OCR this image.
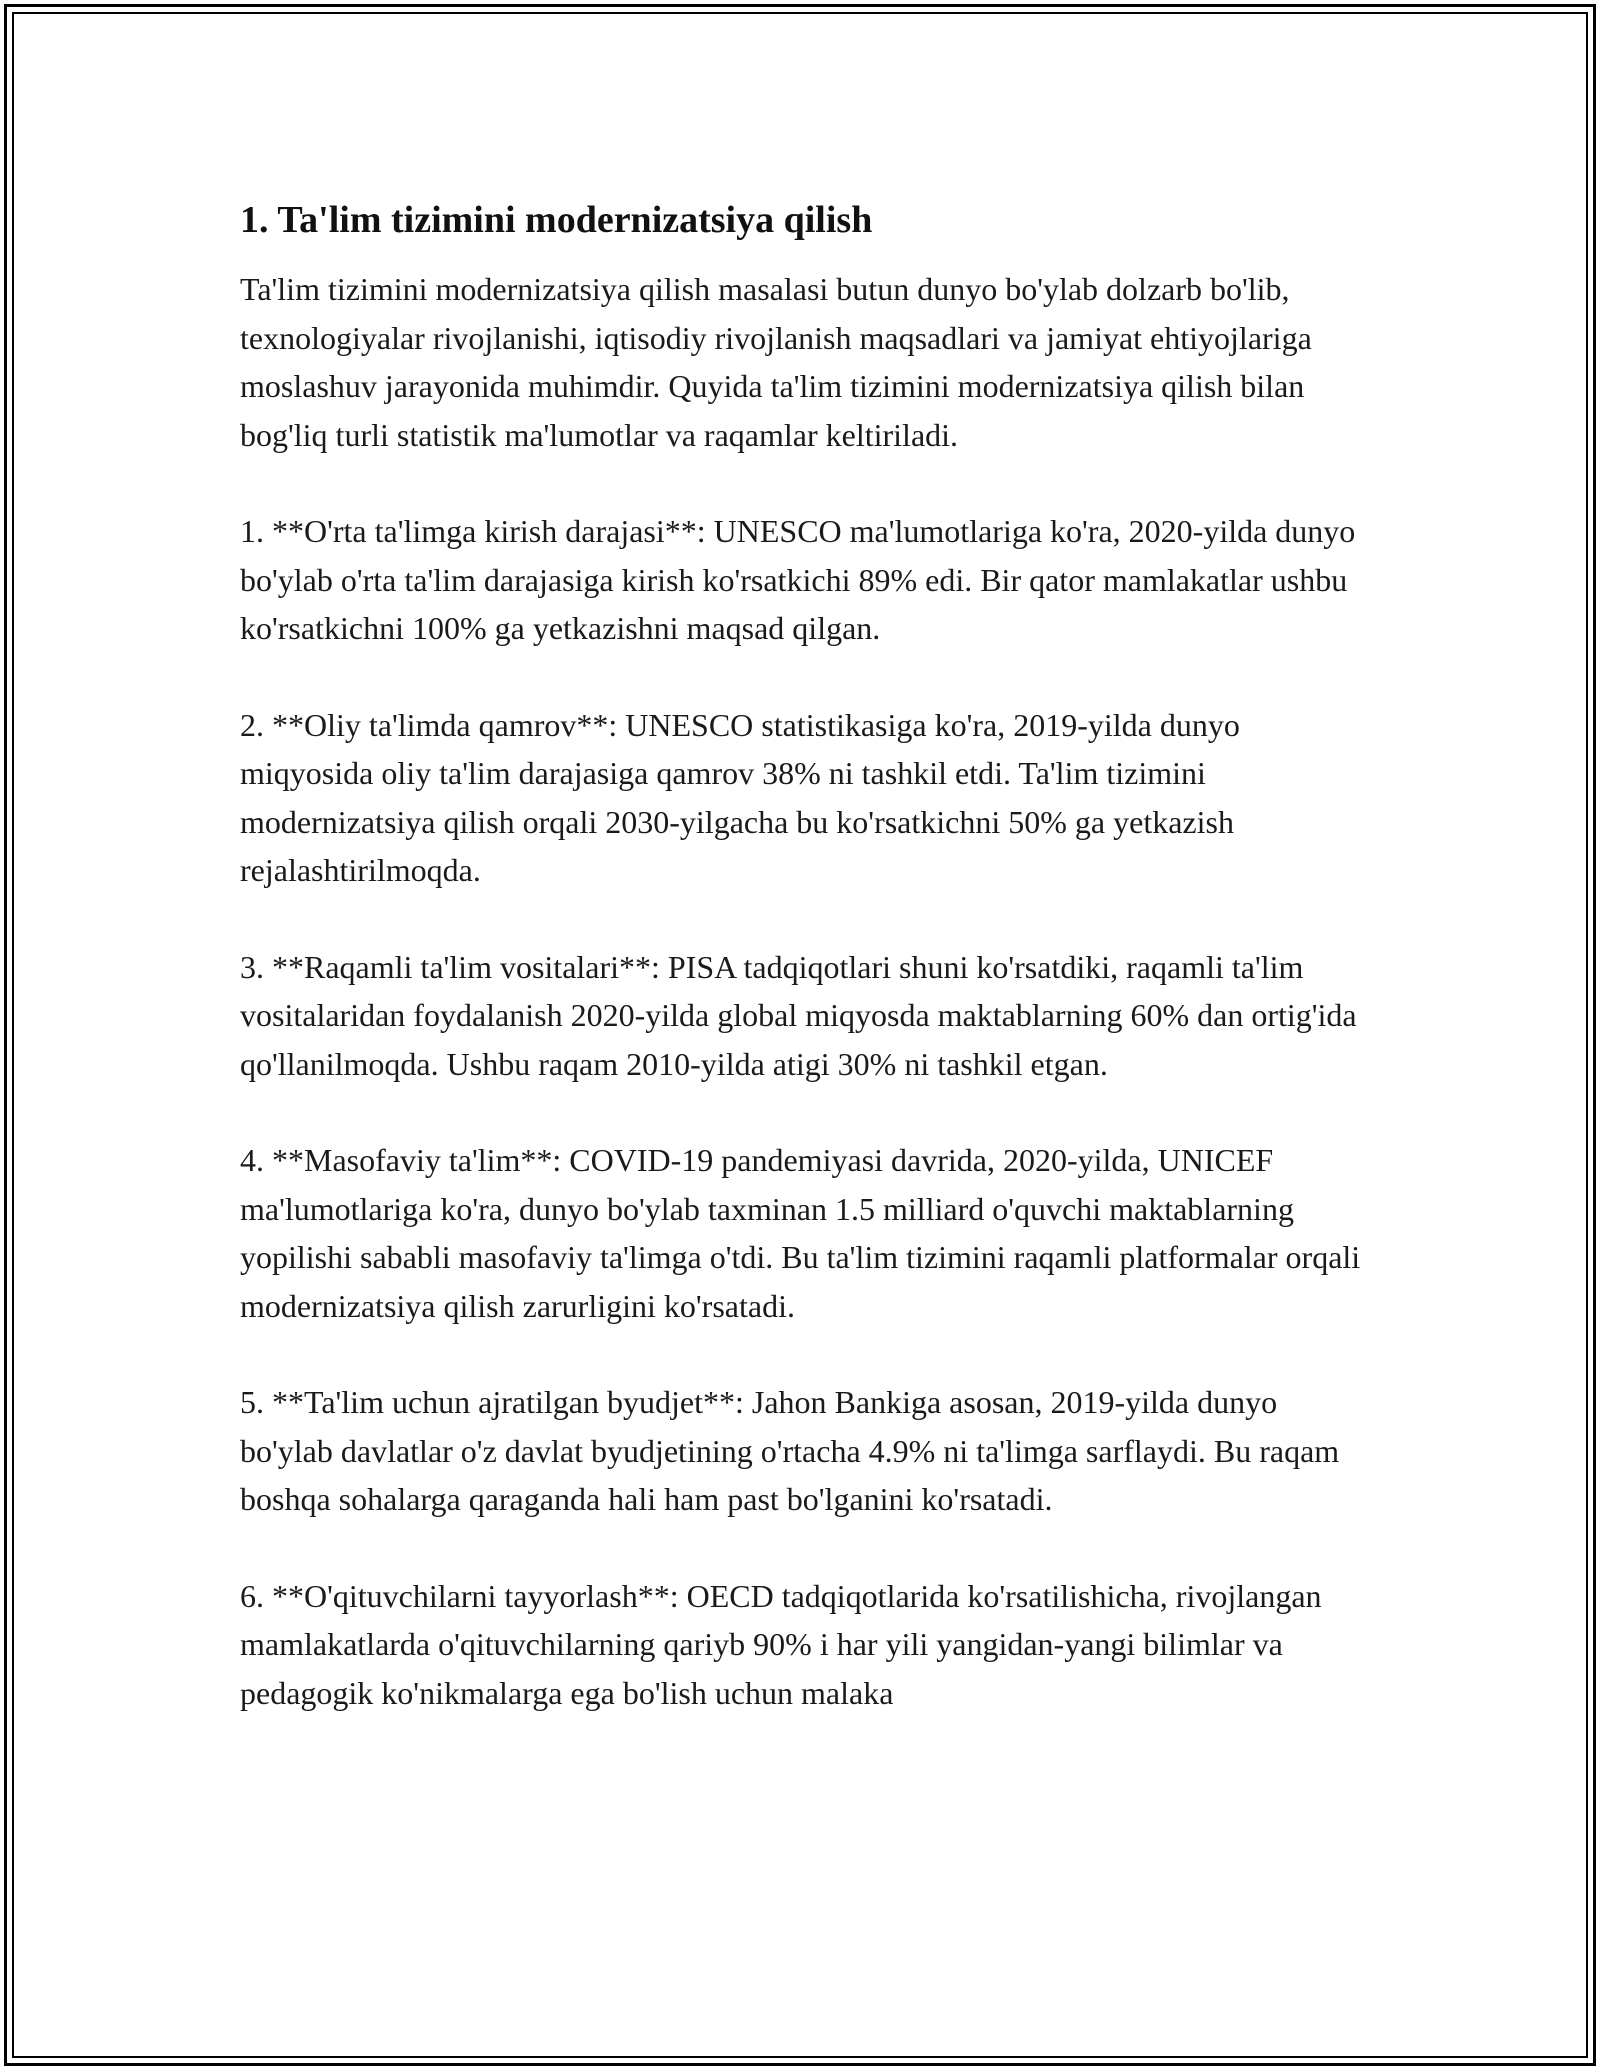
1. Ta'lim tizimini modernizatsiya qilish

Ta'lim tizimini modernizatsiya qilish masalasi butun dunyo bo'ylab dolzarb bo'lib, texnologiyalar rivojlanishi, iqtisodiy rivojlanish maqsadlari va jamiyat ehtiyojlariga moslashuv jarayonida muhimdir. Quyida ta'lim tizimini modernizatsiya qilish bilan bog'liq turli statistik ma'lumotlar va raqamlar keltiriladi.

1. **O'rta ta'limga kirish darajasi**: UNESCO ma'lumotlariga ko'ra, 2020-yilda dunyo bo'ylab o'rta ta'lim darajasiga kirish ko'rsatkichi 89% edi. Bir qator mamlakatlar ushbu ko'rsatkichni 100% ga yetkazishni maqsad qilgan.

2. **Oliy ta'limda qamrov**: UNESCO statistikasiga ko'ra, 2019-yilda dunyo miqyosida oliy ta'lim darajasiga qamrov 38% ni tashkil etdi. Ta'lim tizimini modernizatsiya qilish orqali 2030-yilgacha bu ko'rsatkichni 50% ga yetkazish rejalashtirilmoqda.

3. **Raqamli ta'lim vositalari**: PISA tadqiqotlari shuni ko'rsatdiki, raqamli ta'lim vositalaridan foydalanish 2020-yilda global miqyosda maktablarning 60% dan ortig'ida qo'llanilmoqda. Ushbu raqam 2010-yilda atigi 30% ni tashkil etgan.

4. **Masofaviy ta'lim**: COVID-19 pandemiyasi davrida, 2020-yilda, UNICEF ma'lumotlariga ko'ra, dunyo bo'ylab taxminan 1.5 milliard o'quvchi maktablarning yopilishi sababli masofaviy ta'limga o'tdi. Bu ta'lim tizimini raqamli platformalar orqali modernizatsiya qilish zarurligini ko'rsatadi.

5. **Ta'lim uchun ajratilgan byudjet**: Jahon Bankiga asosan, 2019-yilda dunyo bo'ylab davlatlar o'z davlat byudjetining o'rtacha 4.9% ni ta'limga sarflaydi. Bu raqam boshqa sohalarga qaraganda hali ham past bo'lganini ko'rsatadi.

6. **O'qituvchilarni tayyorlash**: OECD tadqiqotlarida ko'rsatilishicha, rivojlangan mamlakatlarda o'qituvchilarning qariyb 90% i har yili yangidan-yangi bilimlar va pedagogik ko'nikmalarga ega bo'lish uchun malaka
